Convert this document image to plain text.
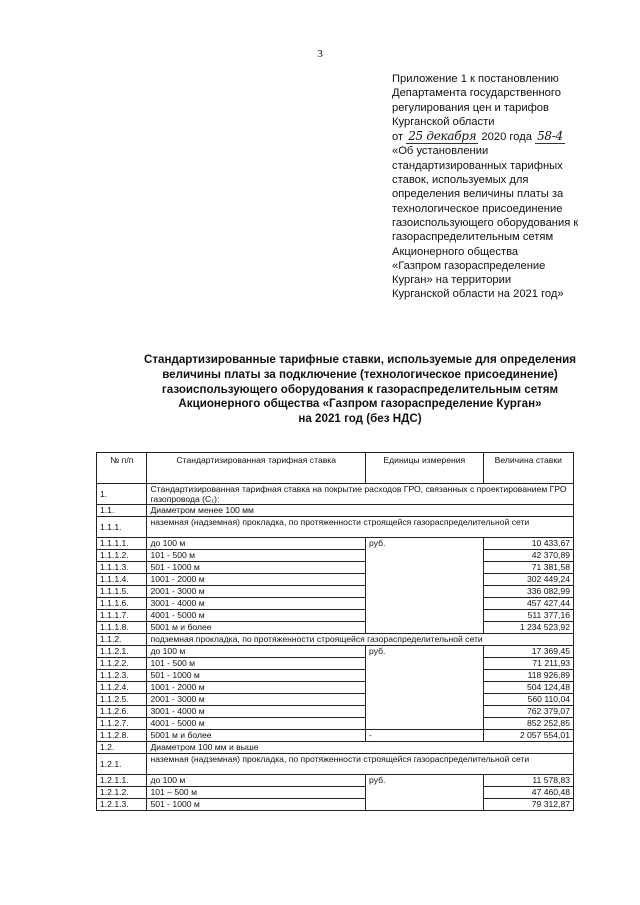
3
Приложение 1 к постановлению
Департамента государственного
регулирования цен и тарифов
Курганской области
от 25 декабря 2020 года 58-4
«Об установлении
стандартизированных тарифных
ставок, используемых для
определения величины платы за
технологическое присоединение
газоиспользующего оборудования к
газораспределительным сетям
Акционерного общества
«Газпром газораспределение
Курган» на территории
Курганской области на 2021 год»
Стандартизированные тарифные ставки, используемые для определения
величины платы за подключение (технологическое присоединение)
газоиспользующего оборудования к газораспределительным сетям
Акционерного общества «Газпром газораспределение Курган»
на 2021 год (без НДС)
№ п/п	Стандартизированная тарифная ставка	Единицы измерения	Величина ставки
1.	Стандартизированная тарифная ставка на покрытие расходов ГРО, связанных с проектированием ГРО газопровода (C₁):		
1.1.	Диаметром менее 100 мм		
1.1.1.	наземная (надземная) прокладка, по протяженности строящейся газораспределительной сети		
1.1.1.1.	до 100 м	руб.	10 433,67
1.1.1.2.	101 - 500 м		42 370,89
1.1.1.3.	501 - 1000 м		71 381,58
1.1.1.4.	1001 - 2000 м		302 449,24
1.1.1.5.	2001 - 3000 м		336 082,99
1.1.1.6.	3001 - 4000 м		457 427,44
1.1.1.7.	4001 - 5000 м		511 377,16
1.1.1.8.	5001 м и более		1 234 523,92
1.1.2.	подземная прокладка, по протяженности строящейся газораспределительной сети		
1.1.2.1.	до 100 м	руб.	17 369,45
1.1.2.2.	101 - 500 м		71 211,93
1.1.2.3.	501 - 1000 м		118 926,89
1.1.2.4.	1001 - 2000 м		504 124,48
1.1.2.5.	2001 - 3000 м		560 110,04
1.1.2.6.	3001 - 4000 м		762 379,07
1.1.2.7.	4001 - 5000 м		852 252,85
1.1.2.8.	5001 м и более	-	2 057 554,01
1.2.	Диаметром 100 мм и выше		
1.2.1.	наземная (надземная) прокладка, по протяженности строящейся газораспределительной сети		
1.2.1.1.	до 100 м	руб.	11 578,83
1.2.1.2.	101 – 500 м		47 460,48
1.2.1.3.	501 - 1000 м		79 312,87
